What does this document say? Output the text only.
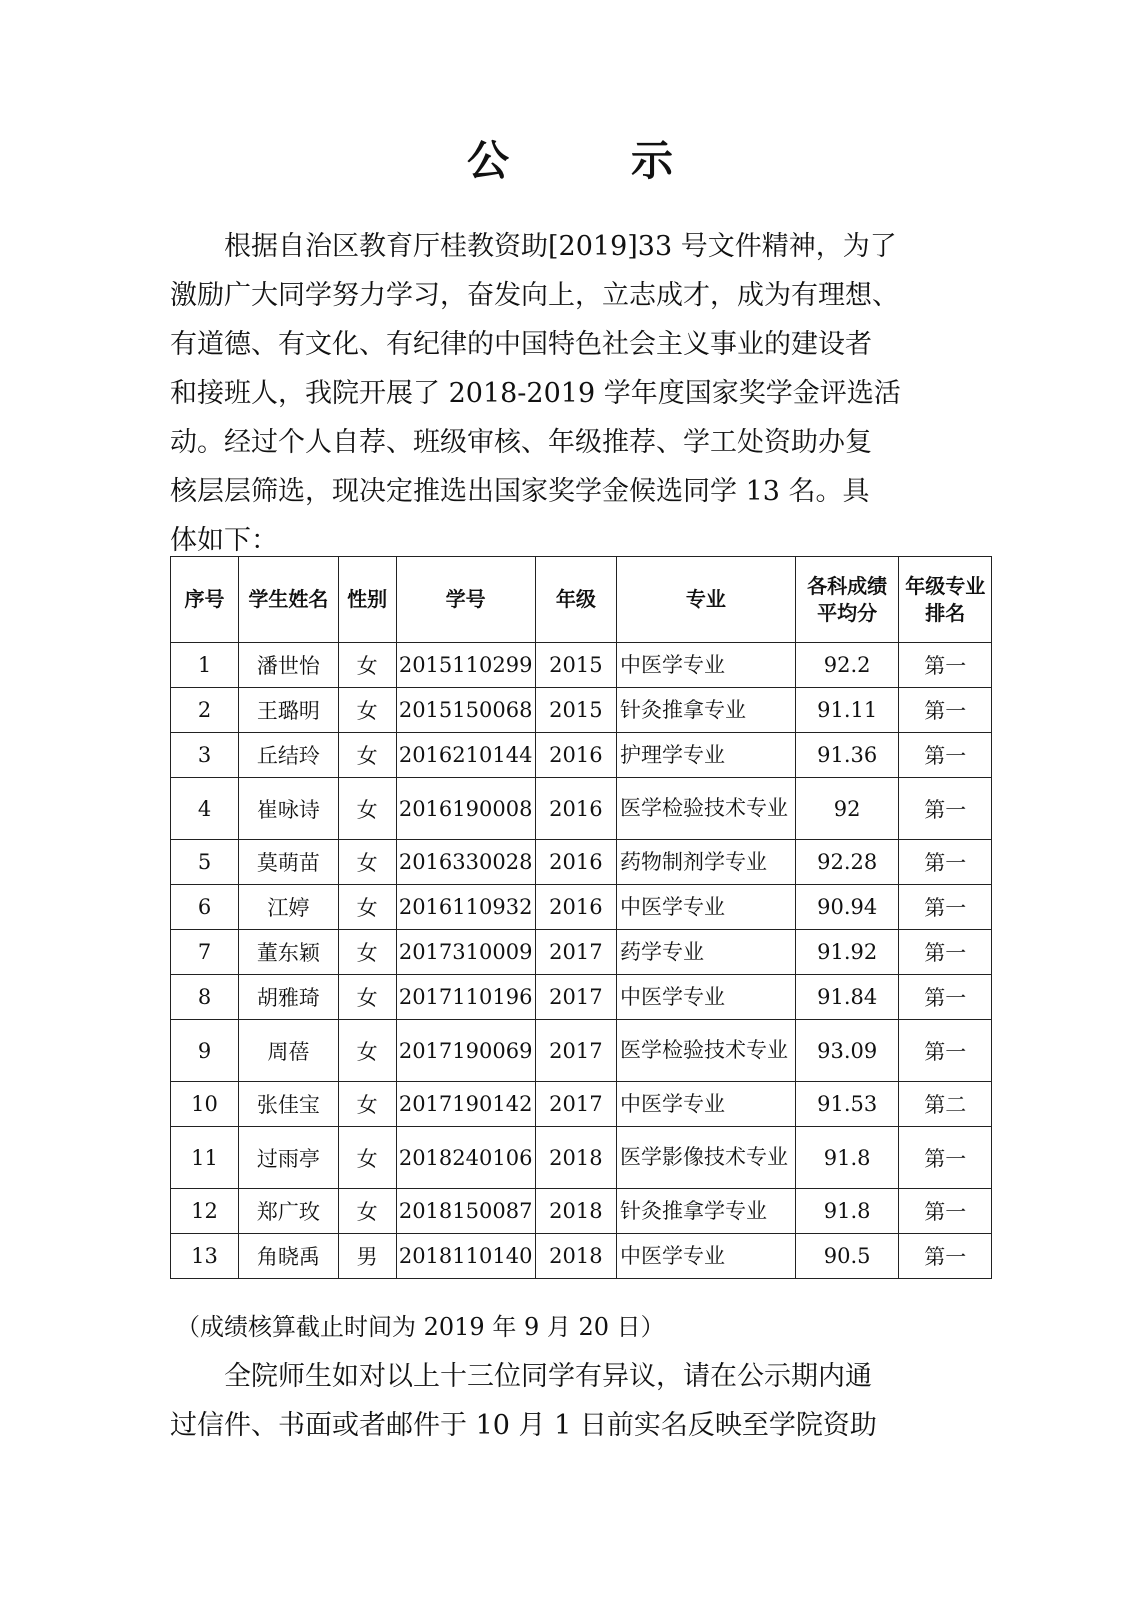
公　示
根据自治区教育厅桂教资助[2019]33 号文件精神，为了
激励广大同学努力学习，奋发向上，立志成才，成为有理想、
有道德、有文化、有纪律的中国特色社会主义事业的建设者
和接班人，我院开展了 2018-2019 学年度国家奖学金评选活
动。经过个人自荐、班级审核、年级推荐、学工处资助办复
核层层筛选，现决定推选出国家奖学金候选同学 13 名。具
体如下：
序号	学生姓名	性别	学号	年级	专业	各科成绩平均分	年级专业排名
1	潘世怡	女	2015110299	2015	中医学专业	92.2	第一
2	王璐明	女	2015150068	2015	针灸推拿专业	91.11	第一
3	丘结玲	女	2016210144	2016	护理学专业	91.36	第一
4	崔咏诗	女	2016190008	2016	医学检验技术专业	92	第一
5	莫萌苗	女	2016330028	2016	药物制剂学专业	92.28	第一
6	江婷	女	2016110932	2016	中医学专业	90.94	第一
7	董东颖	女	2017310009	2017	药学专业	91.92	第一
8	胡雅琦	女	2017110196	2017	中医学专业	91.84	第一
9	周蓓	女	2017190069	2017	医学检验技术专业	93.09	第一
10	张佳宝	女	2017190142	2017	中医学专业	91.53	第二
11	过雨亭	女	2018240106	2018	医学影像技术专业	91.8	第一
12	郑广玫	女	2018150087	2018	针灸推拿学专业	91.8	第一
13	角晓禹	男	2018110140	2018	中医学专业	90.5	第一
（成绩核算截止时间为 2019 年 9 月 20 日）
全院师生如对以上十三位同学有异议，请在公示期内通
过信件、书面或者邮件于 10 月 1 日前实名反映至学院资助
